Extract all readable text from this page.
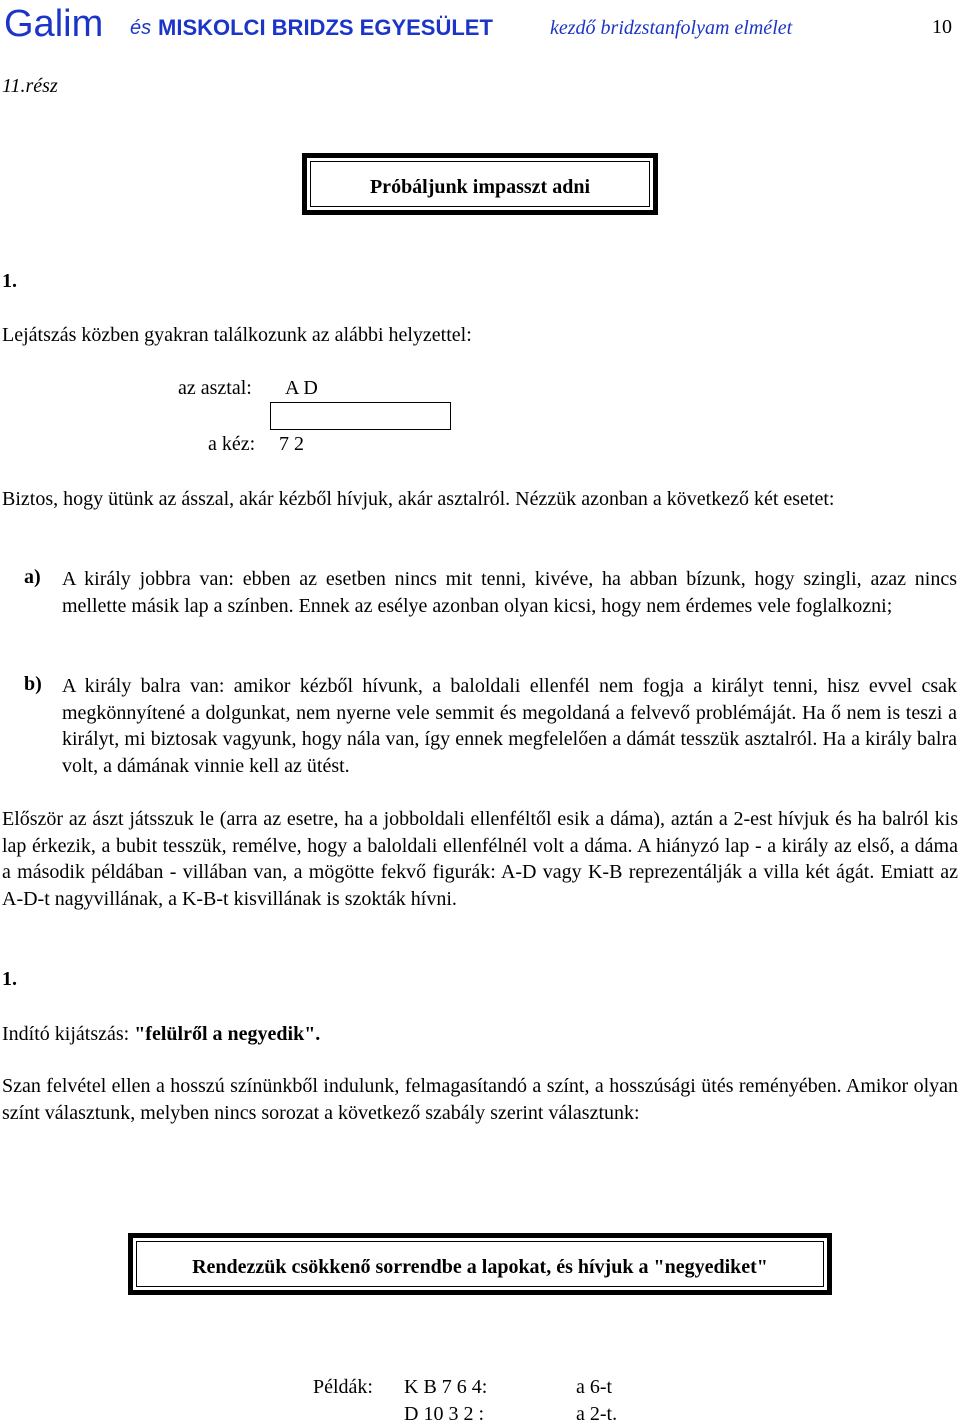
Galim és MISKOLCI BRIDZS EGYESÜLET	kezdő bridzstanfolyam elmélet	10
11.rész
Próbáljunk impasszt adni
1.
Lejátszás közben gyakran találkozunk az alábbi helyzettel:
az asztal: A D
a kéz: 7 2
Biztos, hogy ütünk az ásszal, akár kézből hívjuk, akár asztalról. Nézzük azonban a következő két esetet:
a) A király jobbra van: ebben az esetben nincs mit tenni, kivéve, ha abban bízunk, hogy szingli, azaz nincs mellette másik lap a színben. Ennek az esélye azonban olyan kicsi, hogy nem érdemes vele foglalkozni;
b) A király balra van: amikor kézből hívunk, a baloldali ellenfél nem fogja a királyt tenni, hisz evvel csak megkönnyítené a dolgunkat, nem nyerne vele semmit és megoldaná a felvevő problémáját. Ha ő nem is teszi a királyt, mi biztosak vagyunk, hogy nála van, így ennek megfelelően a dámát tesszük asztalról. Ha a király balra volt, a dámának vinnie kell az ütést.
Először az ászt játsszuk le (arra az esetre, ha a jobboldali ellenféltől esik a dáma), aztán a 2-est hívjuk és ha balról kis lap érkezik, a bubit tesszük, remélve, hogy a baloldali ellenfélnél volt a dáma. A hiányzó lap - a király az első, a dáma a második példában - villában van, a mögötte fekvő figurák: A-D vagy K-B reprezentálják a villa két ágát. Emiatt az A-D-t nagyvillának, a K-B-t kisvillának is szokták hívni.
1.
Indító kijátszás: "felülről a negyedik".
Szan felvétel ellen a hosszú színünkből indulunk, felmagasítandó a színt, a hosszúsági ütés reményében. Amikor olyan színt választunk, melyben nincs sorozat a következő szabály szerint választunk:
Rendezzük csökkenő sorrendbe a lapokat, és hívjuk a "negyediket"
Példák: K B 7 6 4:	a 6-t
D 10 3 2 :	a 2-t.
